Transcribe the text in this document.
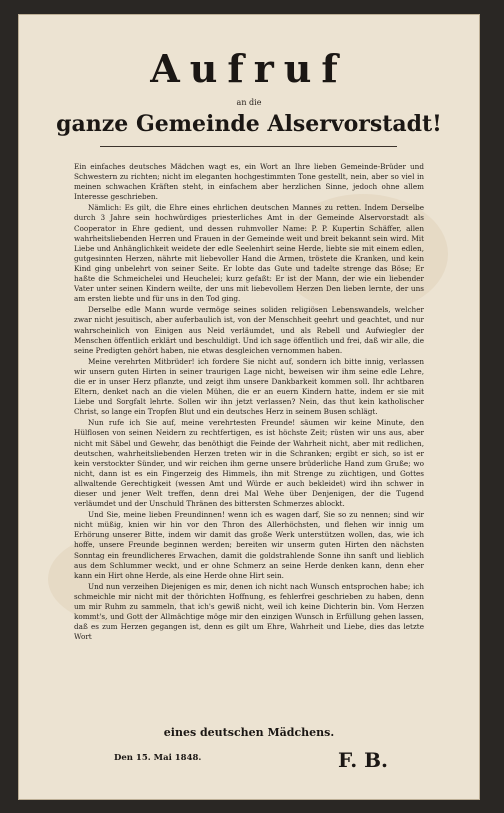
Aufruf
an die
ganze Gemeinde Alservorstadt!

Ein einfaches deutsches Mädchen wagt es, ein Wort an Ihre lieben Gemeinde-Brüder und Schwestern zu richten; nicht im eleganten hochgestimmten Tone gestellt, nein, aber so viel in meinen schwachen Kräften steht, in einfachem aber herzlichen Sinne, jedoch ohne allem Interesse geschrieben.

Nämlich: Es gilt, die Ehre eines ehrlichen deutschen Mannes zu retten. Indem Derselbe durch 3 Jahre sein hochwürdiges priesterliches Amt in der Gemeinde Alservorstadt als Cooperator in Ehre gedient, und dessen ruhmvoller Name: P. P. Kupertin Schäffer, allen wahrheitsliebenden Herren und Frauen in der Gemeinde weit und breit bekannt sein wird. Mit Liebe und Anhänglichkeit weidete der edle Seelenhirt seine Herde, liebte sie mit einem edlen, gutgesinnten Herzen, nährte mit liebevoller Hand die Armen, tröstete die Kranken, und kein Kind ging unbelehrt von seiner Seite. Er lobte das Gute und tadelte strenge das Böse; Er haßte die Schmeichelei und Heuchelei; kurz gefaßt: Er ist der Mann, der wie ein liebender Vater unter seinen Kindern weilte, der uns mit liebevollem Herzen Den lieben lernte, der uns am ersten liebte und für uns in den Tod ging.

Derselbe edle Mann wurde vermöge seines soliden religiösen Lebenswandels, welcher zwar nicht jesuitisch, aber auferbaulich ist, von der Menschheit geehrt und geachtet, und nur wahrscheinlich von Einigen aus Neid verläumdet, und als Rebell und Aufwiegler der Menschen öffentlich erklärt und beschuldigt. Und ich sage öffentlich und frei, daß wir alle, die seine Predigten gehört haben, nie etwas desgleichen vernommen haben.

Meine verehrten Mitbrüder! ich fordere Sie nicht auf, sondern ich bitte innig, verlassen wir unsern guten Hirten in seiner traurigen Lage nicht, beweisen wir ihm seine edle Lehre, die er in unser Herz pflanzte, und zeigt ihm unsere Dankbarkeit kommen soll. Ihr achtbaren Eltern, denket nach an die vielen Mühen, die er an euern Kindern hatte, indem er sie mit Liebe und Sorgfalt lehrte. Sollen wir ihn jetzt verlassen? Nein, das thut kein katholischer Christ, so lange ein Tropfen Blut und ein deutsches Herz in seinem Busen schlägt.

Nun rufe ich Sie auf, meine verehrtesten Freunde! säumen wir keine Minute, den Hülflosen von seinen Neidern zu rechtfertigen, es ist höchste Zeit; rüsten wir uns aus, aber nicht mit Säbel und Gewehr, das benöthigt die Feinde der Wahrheit nicht, aber mit redlichen, deutschen, wahrheitsliebenden Herzen treten wir in die Schranken; ergibt er sich, so ist er kein verstockter Sünder, und wir reichen ihm gerne unsere brüderliche Hand zum Gruße; wo nicht, dann ist es ein Fingerzeig des Himmels, ihn mit Strenge zu züchtigen, und Gottes allwaltende Gerechtigkeit (wessen Amt und Würde er auch bekleidet) wird ihn schwer in dieser und jener Welt treffen, denn drei Mal Wehe über Denjenigen, der die Tugend verläumdet und der Unschuld Thränen des bittersten Schmerzes ablockt.

Und Sie, meine lieben Freundinnen! wenn ich es wagen darf, Sie so zu nennen; sind wir nicht müßig, knien wir hin vor den Thron des Allerhöchsten, und flehen wir innig um Erhörung unserer Bitte, indem wir damit das große Werk unterstützen wollen, das, wie ich hoffe, unsere Freunde beginnen werden; bereiten wir unserm guten Hirten den nächsten Sonntag ein freundlicheres Erwachen, damit die goldstrahlende Sonne ihn sanft und lieblich aus dem Schlummer weckt, und er ohne Schmerz an seine Herde denken kann, denn eher kann ein Hirt ohne Herde, als eine Herde ohne Hirt sein.

Und nun verzeihen Diejenigen es mir, denen ich nicht nach Wunsch entsprochen habe; ich schmeichle mir nicht mit der thörichten Hoffnung, es fehlerfrei geschrieben zu haben, denn um mir Ruhm zu sammeln, that ich's gewiß nicht, weil ich keine Dichterin bin. Vom Herzen kommt's, und Gott der Allmächtige möge mir den einzigen Wunsch in Erfüllung gehen lassen, daß es zum Herzen gegangen ist, denn es gilt um Ehre, Wahrheit und Liebe, dies das letzte Wort

eines deutschen Mädchens.
Den 15. Mai 1848.	F. B.
